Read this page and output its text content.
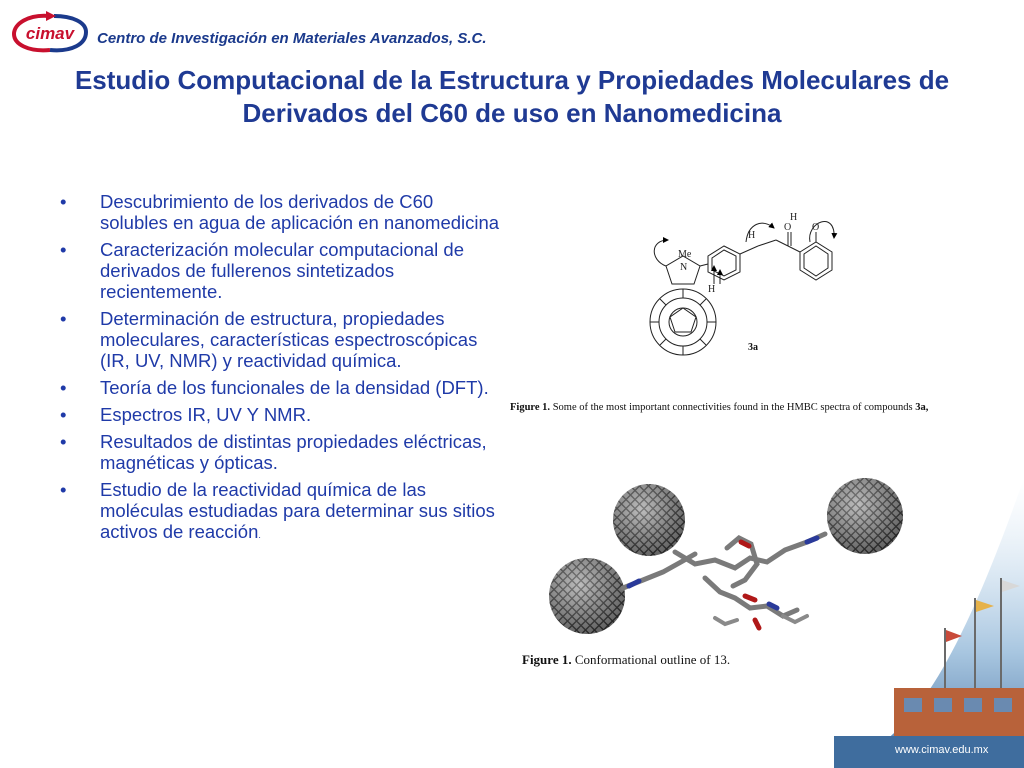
cimav Centro de Investigación en Materiales Avanzados, S.C.
Estudio Computacional de la Estructura y Propiedades Moleculares de Derivados del C60 de uso en Nanomedicina
• Descubrimiento de los derivados de C60 solubles en agua de aplicación en nanomedicina
• Caracterización molecular computacional de derivados de fullerenos sintetizados recientemente.
• Determinación de estructura, propiedades moleculares, características espectroscópicas (IR, UV, NMR) y reactividad química.
• Teoría de los funcionales de la densidad (DFT).
• Espectros IR, UV Y NMR.
• Resultados de distintas propiedades eléctricas, magnéticas y ópticas.
• Estudio de la reactividad química de las moléculas estudiadas para determinar sus sitios activos de reacción.
Me
N
H
O
H
O
H
3a
Figure 1. Some of the most important connectivities found in the HMBC spectra of compounds 3a,
Figure 1. Conformational outline of 13.
www.cimav.edu.mx
